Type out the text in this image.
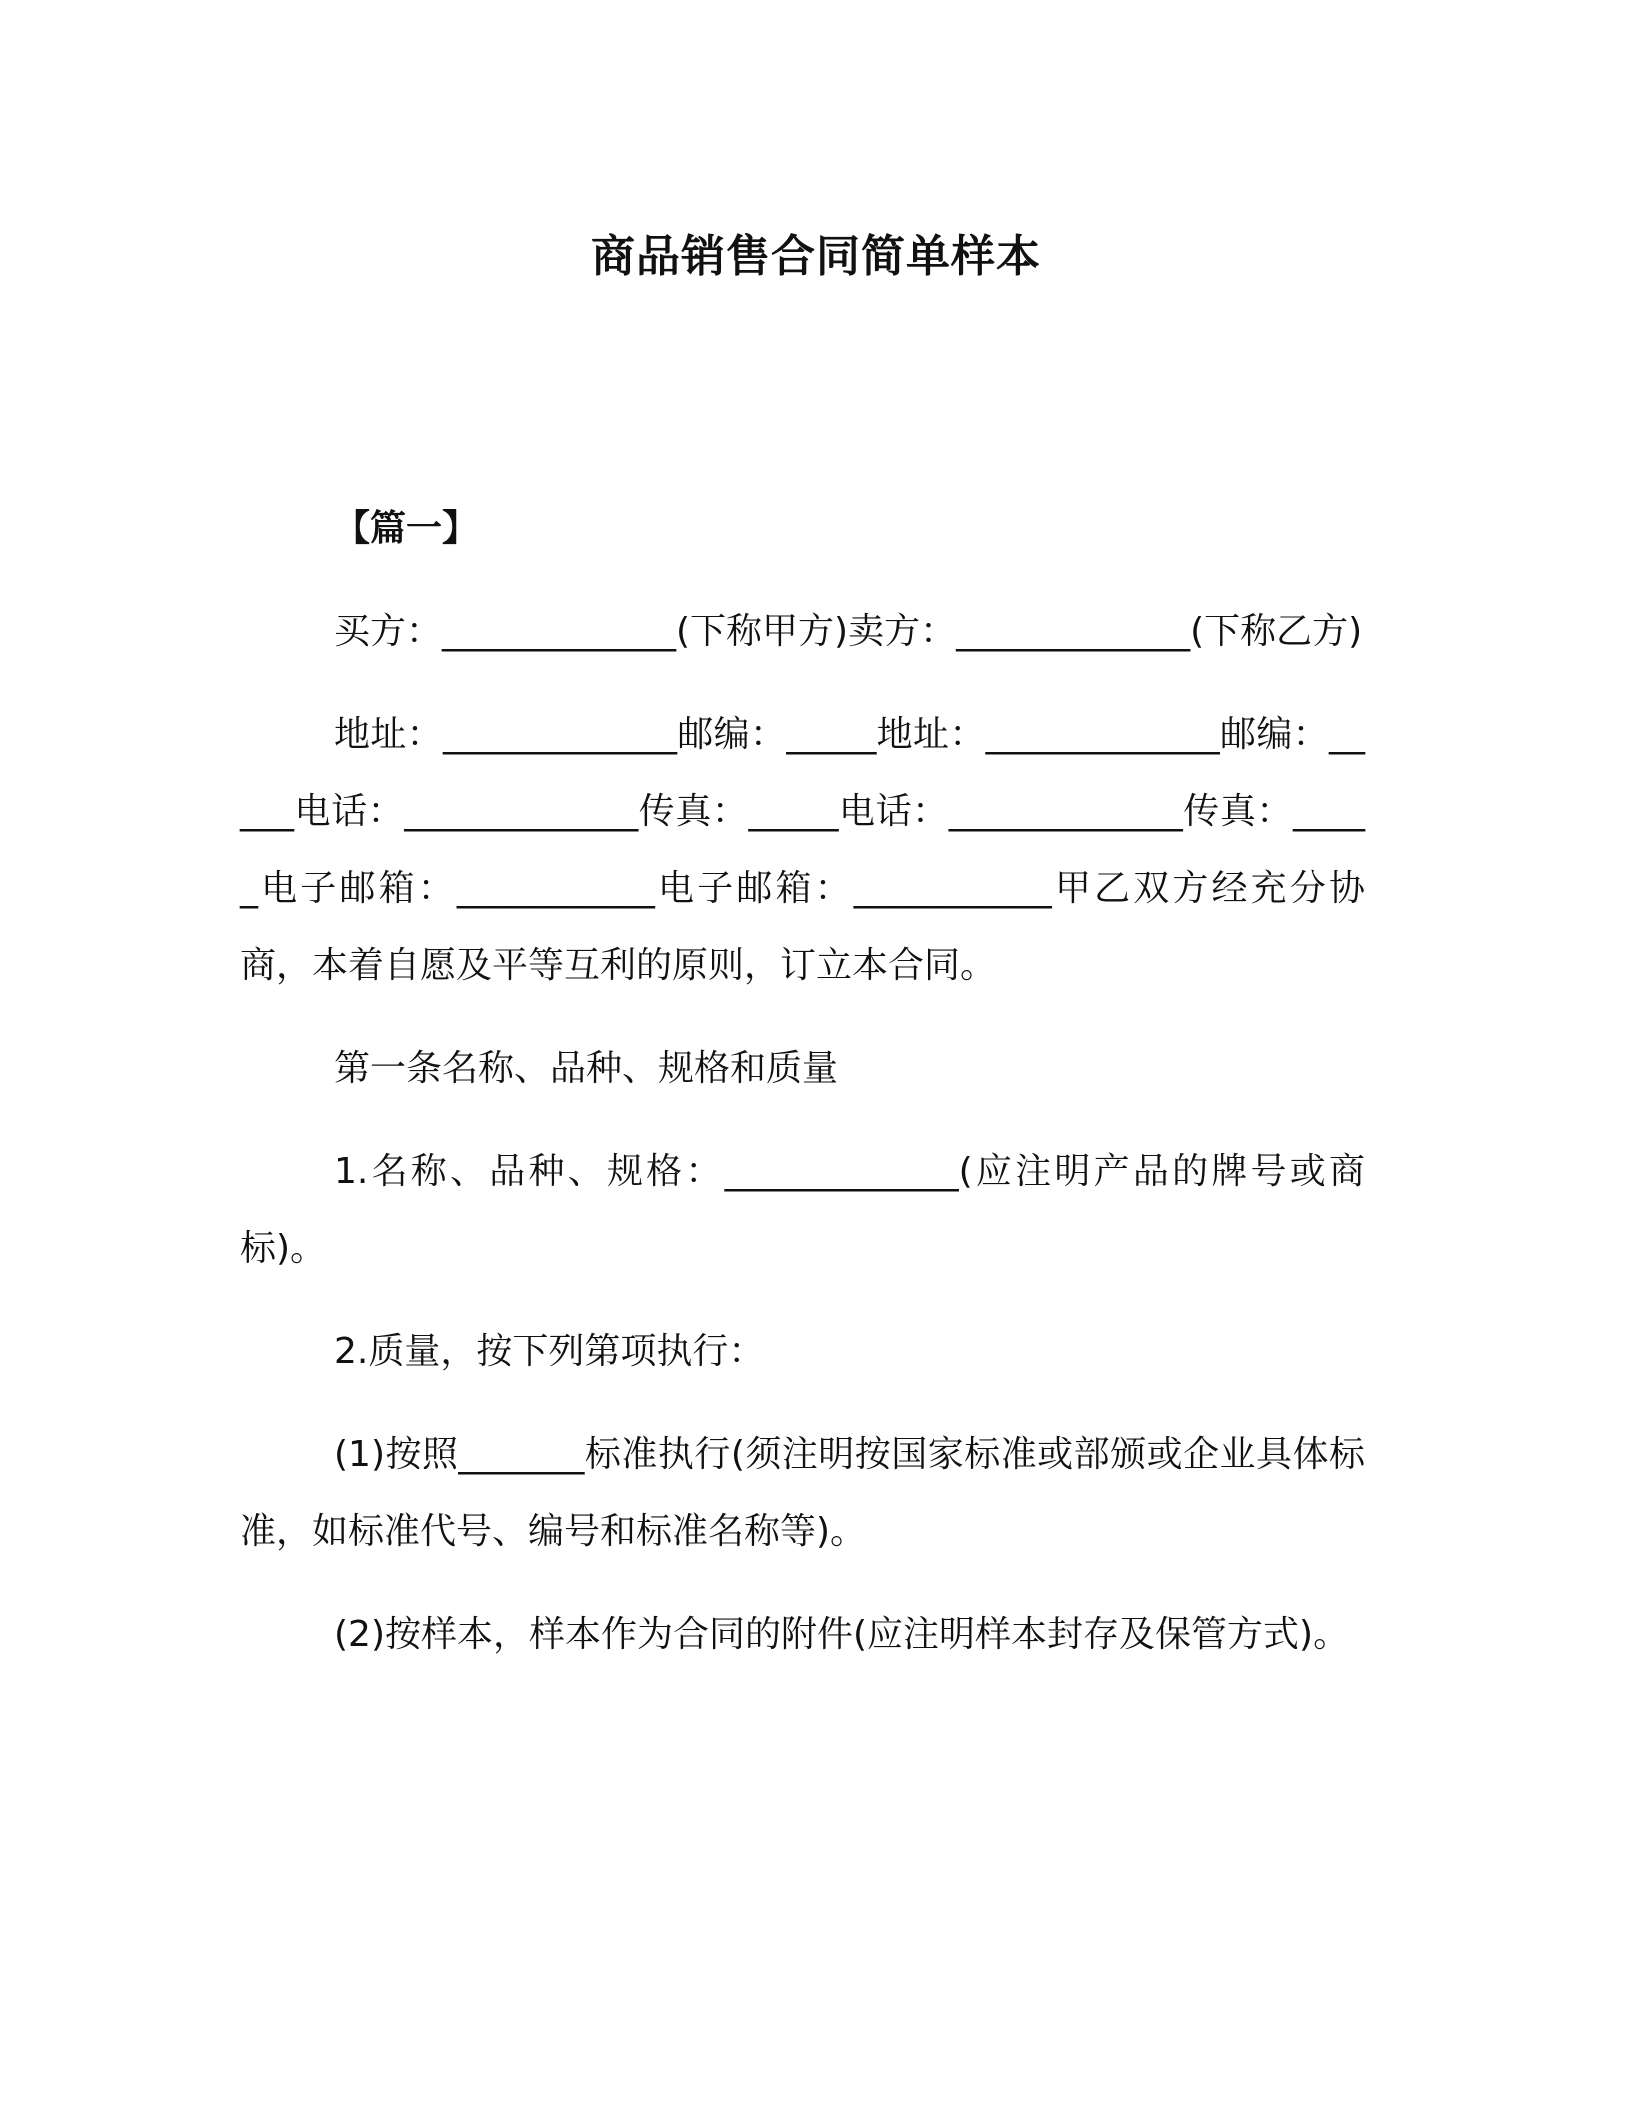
商品销售合同简单样本

【篇一】

买方：_____________(下称甲方)卖方：_____________(下称乙方)

地址：_____________邮编：_____地址：_____________邮编：_____电话：_____________传真：_____电话：_____________传真：_____电子邮箱：___________电子邮箱：___________甲乙双方经充分协商，本着自愿及平等互利的原则，订立本合同。

第一条名称、品种、规格和质量

1.名称、品种、规格：_____________(应注明产品的牌号或商标)。

2.质量，按下列第项执行：

(1)按照_______标准执行(须注明按国家标准或部颁或企业具体标准，如标准代号、编号和标准名称等)。

(2)按样本，样本作为合同的附件(应注明样本封存及保管方式)。
